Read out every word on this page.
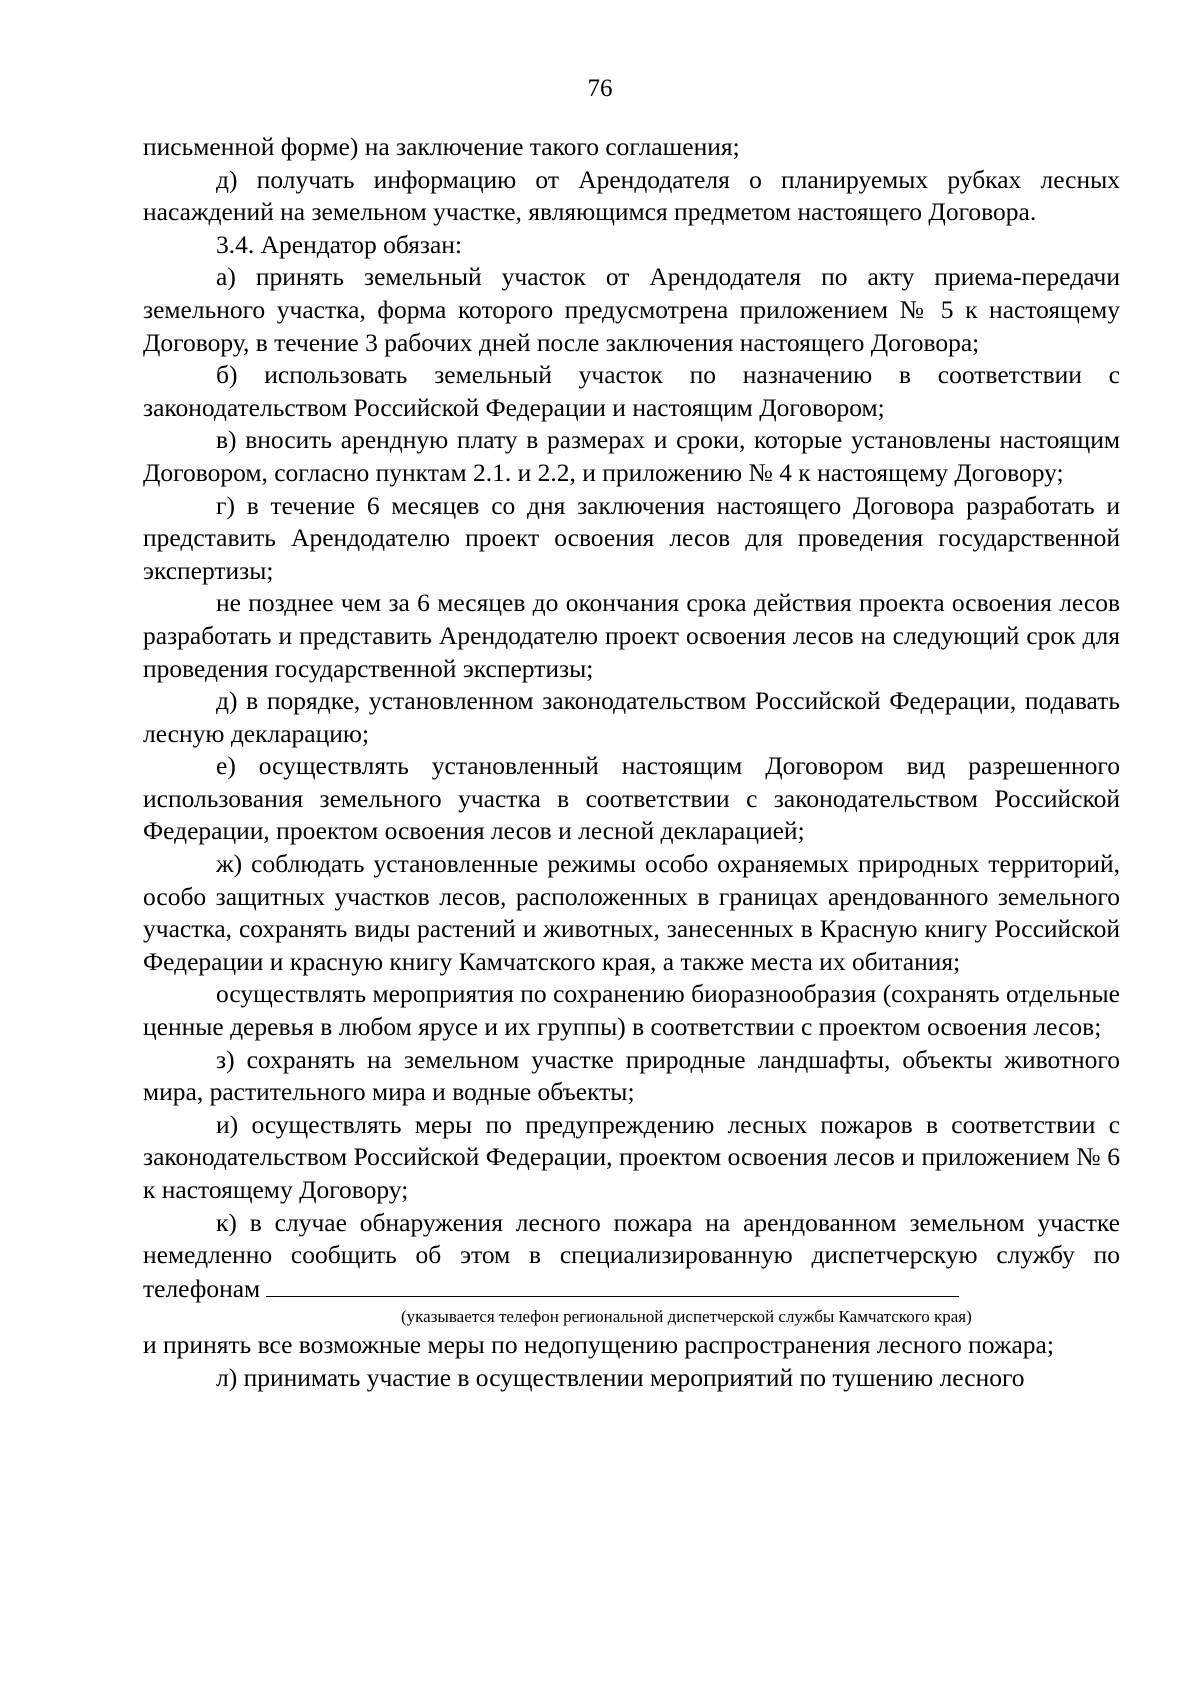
76

письменной форме) на заключение такого соглашения;

д) получать информацию от Арендодателя о планируемых рубках лесных насаждений на земельном участке, являющимся предметом настоящего Договора.

3.4. Арендатор обязан:

а) принять земельный участок от Арендодателя по акту приема-передачи земельного участка, форма которого предусмотрена приложением № 5 к настоящему Договору, в течение 3 рабочих дней после заключения настоящего Договора;

б) использовать земельный участок по назначению в соответствии с законодательством Российской Федерации и настоящим Договором;

в) вносить арендную плату в размерах и сроки, которые установлены настоящим Договором, согласно пунктам 2.1. и 2.2, и приложению № 4 к настоящему Договору;

г) в течение 6 месяцев со дня заключения настоящего Договора разработать и представить Арендодателю проект освоения лесов для проведения государственной экспертизы;

не позднее чем за 6 месяцев до окончания срока действия проекта освоения лесов разработать и представить Арендодателю проект освоения лесов на следующий срок для проведения государственной экспертизы;

д) в порядке, установленном законодательством Российской Федерации, подавать лесную декларацию;

е) осуществлять установленный настоящим Договором вид разрешенного использования земельного участка в соответствии с законодательством Российской Федерации, проектом освоения лесов и лесной декларацией;

ж) соблюдать установленные режимы особо охраняемых природных территорий, особо защитных участков лесов, расположенных в границах арендованного земельного участка, сохранять виды растений и животных, занесенных в Красную книгу Российской Федерации и красную книгу Камчатского края, а также места их обитания;

осуществлять мероприятия по сохранению биоразнообразия (сохранять отдельные ценные деревья в любом ярусе и их группы) в соответствии с проектом освоения лесов;

з) сохранять на земельном участке природные ландшафты, объекты животного мира, растительного мира и водные объекты;

и) осуществлять меры по предупреждению лесных пожаров в соответствии с законодательством Российской Федерации, проектом освоения лесов и приложением № 6 к настоящему Договору;

к) в случае обнаружения лесного пожара на арендованном земельном участке немедленно сообщить об этом в специализированную диспетчерскую службу по телефонам

(указывается телефон региональной диспетчерской службы Камчатского края)

и принять все возможные меры по недопущению распространения лесного пожара;

л) принимать участие в осуществлении мероприятий по тушению лесного
